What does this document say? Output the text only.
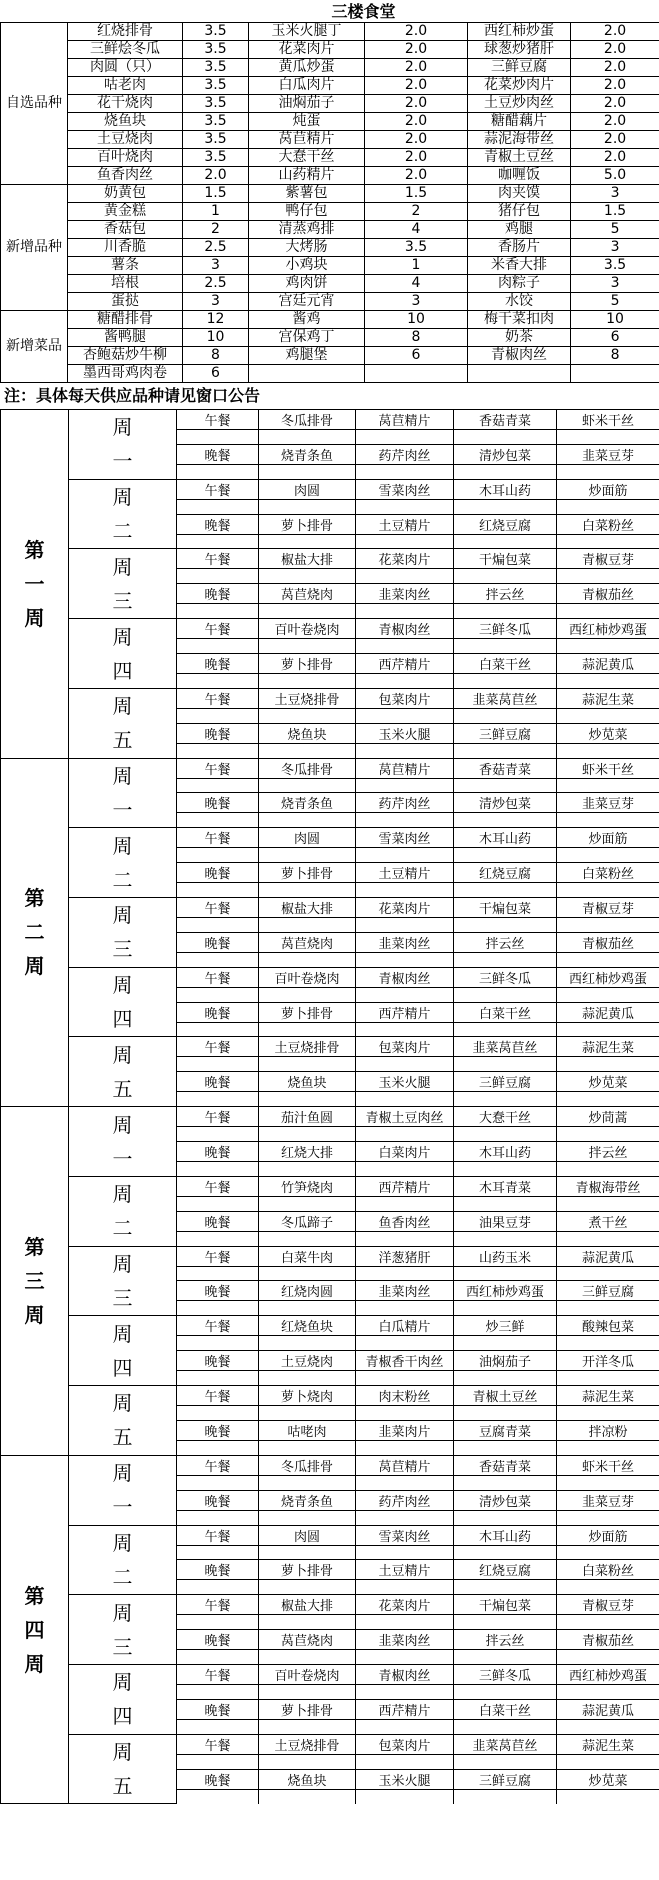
	三楼食堂					
自选品种	红烧排骨	3.5	玉米火腿丁	2.0	西红柿炒蛋	2.0
	三鲜烩冬瓜	3.5	花菜肉片	2.0	球葱炒猪肝	2.0
	肉圆（只）	3.5	黄瓜炒蛋	2.0	三鲜豆腐	2.0
	咕老肉	3.5	白瓜肉片	2.0	花菜炒肉片	2.0
	花干烧肉	3.5	油焖茄子	2.0	土豆炒肉丝	2.0
	烧鱼块	3.5	炖蛋	2.0	糖醋藕片	2.0
	土豆烧肉	3.5	莴苣精片	2.0	蒜泥海带丝	2.0
	百叶烧肉	3.5	大惷干丝	2.0	青椒土豆丝	2.0
	鱼香肉丝	2.0	山药精片	2.0	咖喱饭	5.0
新增品种	奶黄包	1.5	紫薯包	1.5	肉夹馍	3
	黄金糕	1	鸭仔包	2	猪仔包	1.5
	香菇包	2	清蒸鸡排	4	鸡腿	5
	川香脆	2.5	大烤肠	3.5	香肠片	3
	薯条	3	小鸡块	1	米香大排	3.5
	培根	2.5	鸡肉饼	4	肉粽子	3
	蛋挞	3	宫廷元宵	3	水饺	5
新增菜品	糖醋排骨	12	酱鸡	10	梅干菜扣肉	10
	酱鸭腿	10	宫保鸡丁	8	奶茶	6
	杏鲍菇炒牛柳	8	鸡腿堡	6	青椒肉丝	8
	墨西哥鸡肉卷	6				
注：具体每天供应品种请见窗口公告
第一周	周一	午餐	冬瓜排骨	莴苣精片	香菇青菜	虾米干丝

		晚餐	烧青条鱼	药芹肉丝	清炒包菜	韭菜豆芽

	周二	午餐	肉圆	雪菜肉丝	木耳山药	炒面筋

		晚餐	萝卜排骨	土豆精片	红烧豆腐	白菜粉丝

	周三	午餐	椒盐大排	花菜肉片	干煸包菜	青椒豆芽

		晚餐	莴苣烧肉	韭菜肉丝	拌云丝	青椒茄丝

	周四	午餐	百叶卷烧肉	青椒肉丝	三鲜冬瓜	西红柿炒鸡蛋

		晚餐	萝卜排骨	西芹精片	白菜干丝	蒜泥黄瓜

	周五	午餐	土豆烧排骨	包菜肉片	韭菜莴苣丝	蒜泥生菜

		晚餐	烧鱼块	玉米火腿	三鲜豆腐	炒苋菜

第二周	周一	午餐	冬瓜排骨	莴苣精片	香菇青菜	虾米干丝

		晚餐	烧青条鱼	药芹肉丝	清炒包菜	韭菜豆芽

	周二	午餐	肉圆	雪菜肉丝	木耳山药	炒面筋

		晚餐	萝卜排骨	土豆精片	红烧豆腐	白菜粉丝

	周三	午餐	椒盐大排	花菜肉片	干煸包菜	青椒豆芽

		晚餐	莴苣烧肉	韭菜肉丝	拌云丝	青椒茄丝

	周四	午餐	百叶卷烧肉	青椒肉丝	三鲜冬瓜	西红柿炒鸡蛋

		晚餐	萝卜排骨	西芹精片	白菜干丝	蒜泥黄瓜

	周五	午餐	土豆烧排骨	包菜肉片	韭菜莴苣丝	蒜泥生菜

		晚餐	烧鱼块	玉米火腿	三鲜豆腐	炒苋菜

第三周	周一	午餐	茄汁鱼圆	青椒土豆肉丝	大惷干丝	炒茼蒿

		晚餐	红烧大排	白菜肉片	木耳山药	拌云丝

	周二	午餐	竹笋烧肉	西芹精片	木耳青菜	青椒海带丝

		晚餐	冬瓜蹄子	鱼香肉丝	油果豆芽	煮干丝

	周三	午餐	白菜牛肉	洋葱猪肝	山药玉米	蒜泥黄瓜

		晚餐	红烧肉圆	韭菜肉丝	西红柿炒鸡蛋	三鲜豆腐

	周四	午餐	红烧鱼块	白瓜精片	炒三鲜	酸辣包菜

		晚餐	土豆烧肉	青椒香干肉丝	油焖茄子	开洋冬瓜

	周五	午餐	萝卜烧肉	肉末粉丝	青椒土豆丝	蒜泥生菜

		晚餐	咕咾肉	韭菜肉片	豆腐青菜	拌凉粉

第四周	周一	午餐	冬瓜排骨	莴苣精片	香菇青菜	虾米干丝

		晚餐	烧青条鱼	药芹肉丝	清炒包菜	韭菜豆芽

	周二	午餐	肉圆	雪菜肉丝	木耳山药	炒面筋

		晚餐	萝卜排骨	土豆精片	红烧豆腐	白菜粉丝

	周三	午餐	椒盐大排	花菜肉片	干煸包菜	青椒豆芽

		晚餐	莴苣烧肉	韭菜肉丝	拌云丝	青椒茄丝

	周四	午餐	百叶卷烧肉	青椒肉丝	三鲜冬瓜	西红柿炒鸡蛋

		晚餐	萝卜排骨	西芹精片	白菜干丝	蒜泥黄瓜

	周五	午餐	土豆烧排骨	包菜肉片	韭菜莴苣丝	蒜泥生菜

		晚餐	烧鱼块	玉米火腿	三鲜豆腐	炒苋菜
